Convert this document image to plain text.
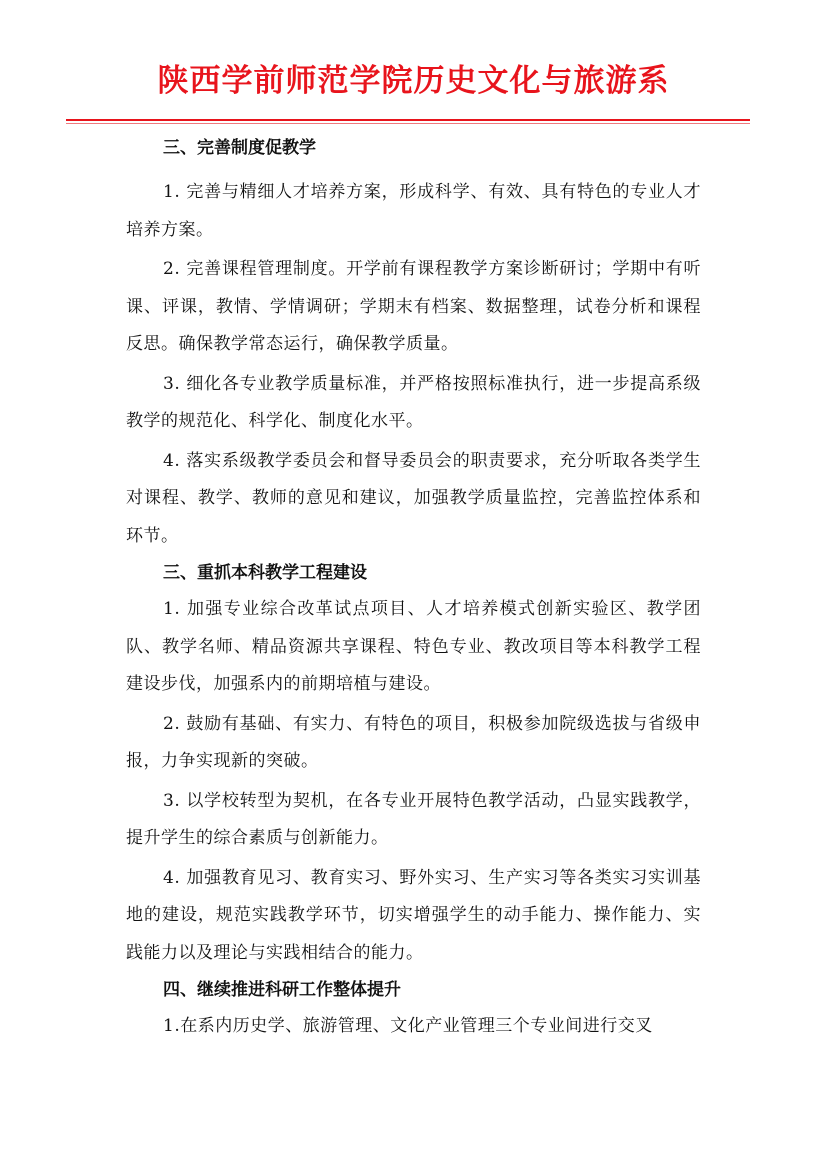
陕西学前师范学院历史文化与旅游系
三、完善制度促教学

1. 完善与精细人才培养方案，形成科学、有效、具有特色的专业人才培养方案。

2. 完善课程管理制度。开学前有课程教学方案诊断研讨；学期中有听课、评课，教情、学情调研；学期末有档案、数据整理，试卷分析和课程反思。确保教学常态运行，确保教学质量。

3. 细化各专业教学质量标准，并严格按照标准执行，进一步提高系级教学的规范化、科学化、制度化水平。

4. 落实系级教学委员会和督导委员会的职责要求，充分听取各类学生对课程、教学、教师的意见和建议，加强教学质量监控，完善监控体系和环节。

三、重抓本科教学工程建设

1. 加强专业综合改革试点项目、人才培养模式创新实验区、教学团队、教学名师、精品资源共享课程、特色专业、教改项目等本科教学工程建设步伐，加强系内的前期培植与建设。

2. 鼓励有基础、有实力、有特色的项目，积极参加院级选拔与省级申报，力争实现新的突破。

3. 以学校转型为契机，在各专业开展特色教学活动，凸显实践教学，提升学生的综合素质与创新能力。

4. 加强教育见习、教育实习、野外实习、生产实习等各类实习实训基地的建设，规范实践教学环节，切实增强学生的动手能力、操作能力、实践能力以及理论与实践相结合的能力。

四、继续推进科研工作整体提升

1.在系内历史学、旅游管理、文化产业管理三个专业间进行交叉
